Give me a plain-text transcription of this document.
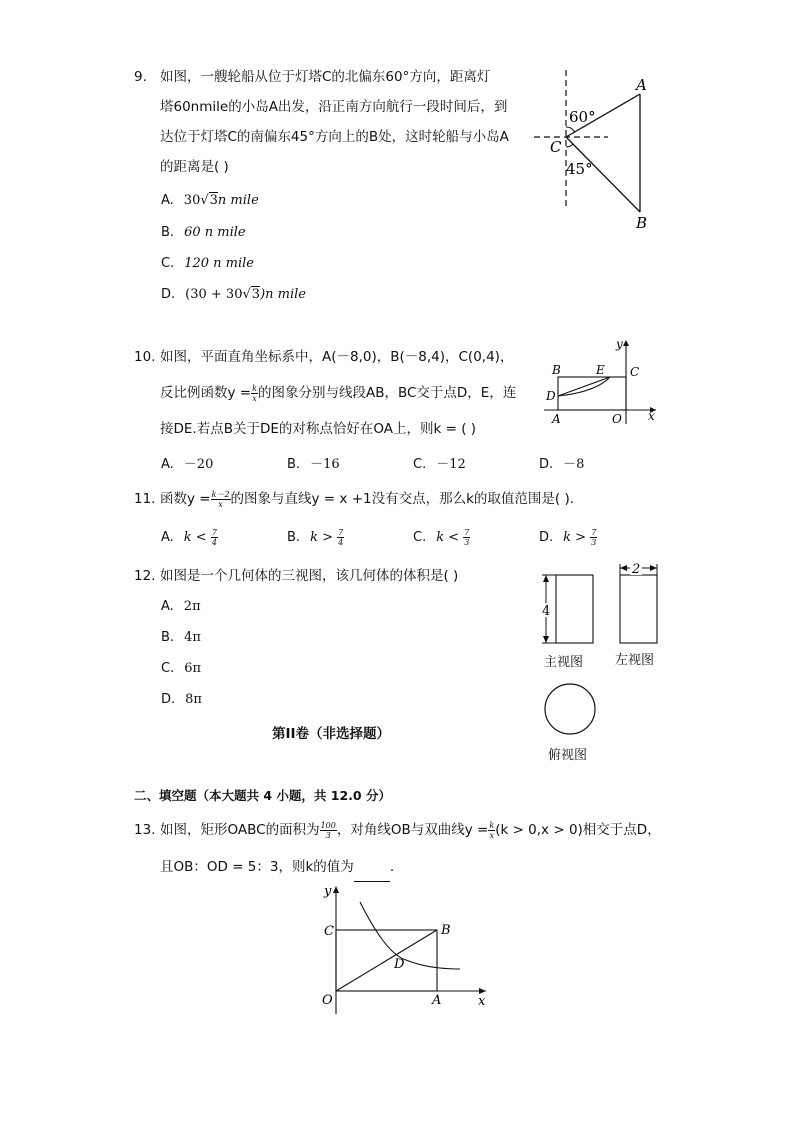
9. 如图，一艘轮船从位于灯塔C的北偏东60°方向，距离灯
塔60nmile的小岛A出发，沿正南方向航行一段时间后，到
达位于灯塔C的南偏东45°方向上的B处，这时轮船与小岛A
的距离是( )
A. 30√3n mile
B. 60 n mile
C. 120 n mile
D. (30 + 30√3)n mile
A
B
C
60°
45°
10. 如图，平面直角坐标系中，A(－8,0)，B(－8,4)，C(0,4)，
反比例函数$y = \frac{k}{x}$ 的图象分别与线段AB，BC交于点D，E，连
接DE.若点B关于DE的对称点恰好在OA上，则k = ( )
A. －20	B. －16	C. －12	D. －8
B	E C
D
A	O x
y
11. 函数$y = \frac{k-2}{x}$ 的图象与直线y = x +1没有交点，那么k的取值范围是( ).
A. $k < \frac{7}{4}$	B. $k > \frac{7}{4}$	C. $k < \frac{7}{3}$	D. $k > \frac{7}{3}$
12. 如图是一个几何体的三视图，该几何体的体积是( )
A. 2π
B. 4π
C. 6π
D. 8π
4
2
主视图 左视图
俯视图
第II卷（非选择题）
二、填空题（本大题共 4 小题，共 12.0 分）
13. 如图，矩形OABC的面积为 $\frac{100}{3}$ ，对角线OB与双曲线$y = \frac{k}{x} (k > 0,x > 0)$相交于点D，
且OB：OD = 5：3，则k的值为	.
y
C	B
D
O	A	x
